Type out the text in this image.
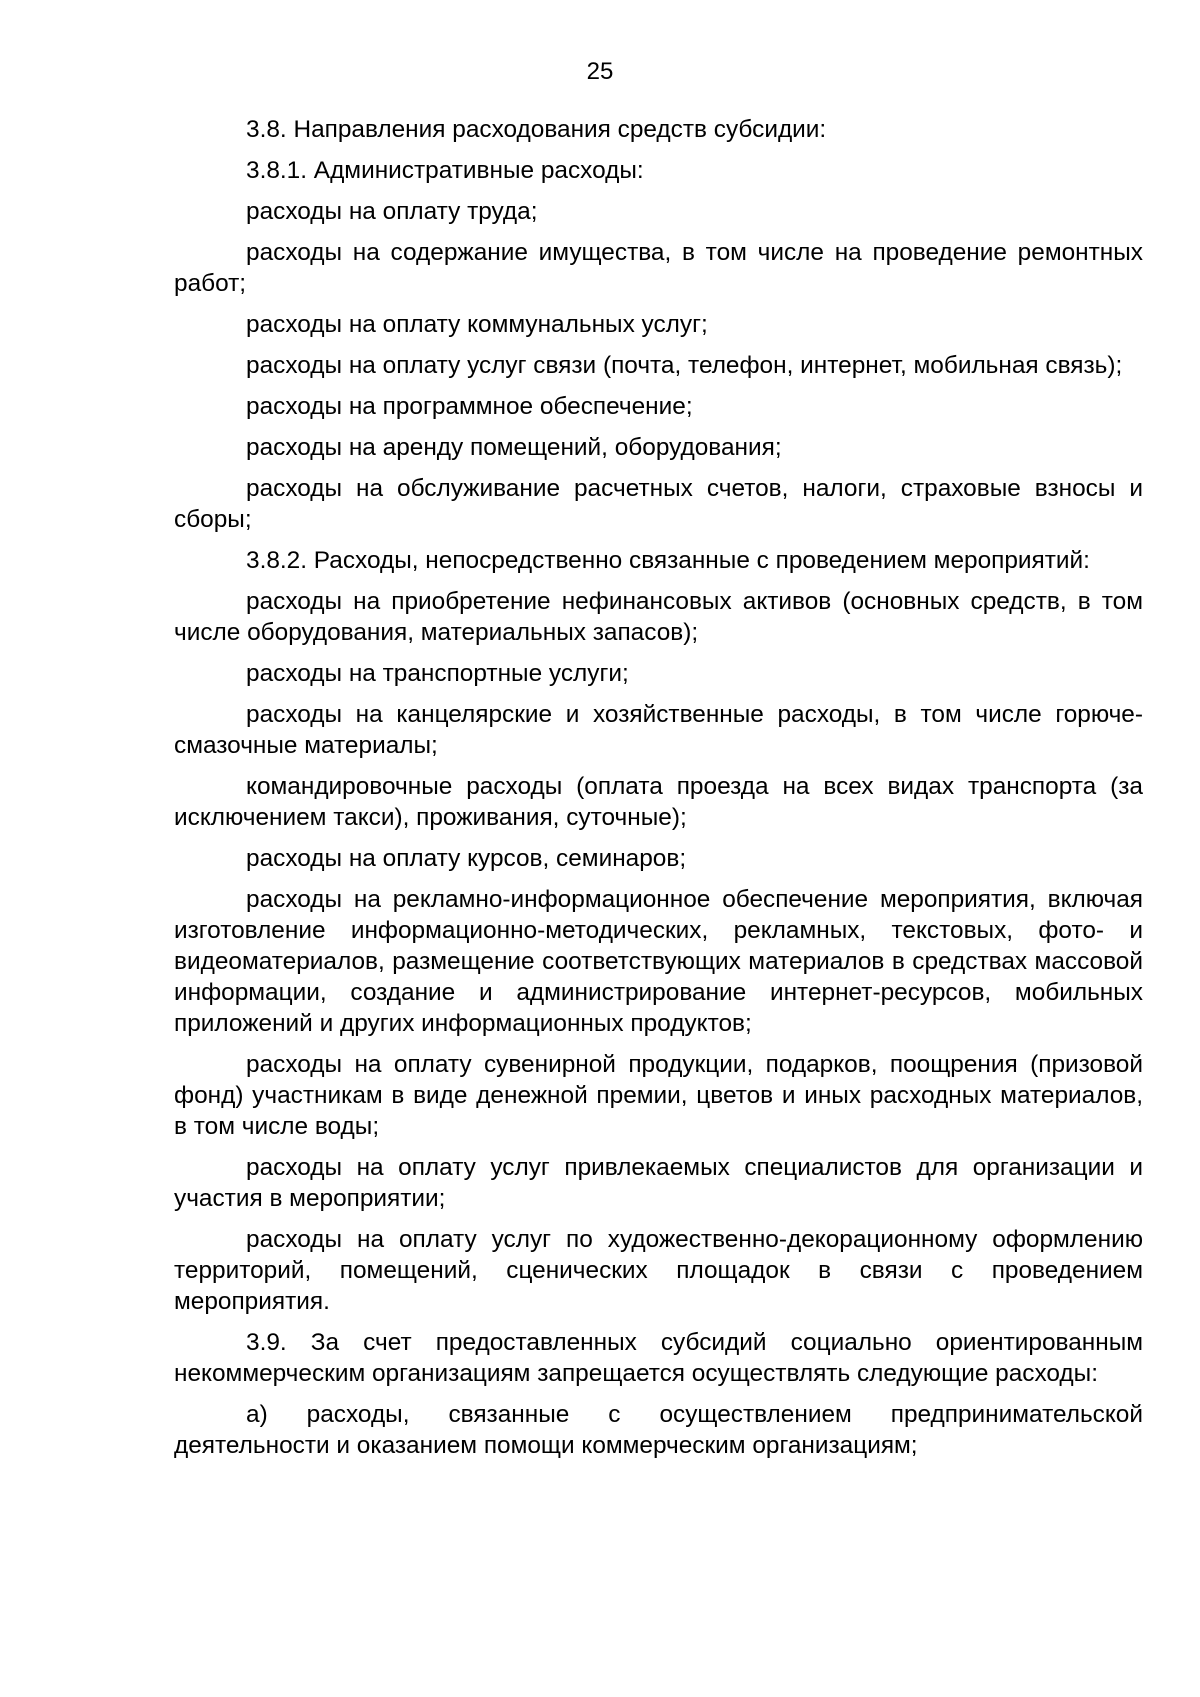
25

3.8. Направления расходования средств субсидии:

3.8.1. Административные расходы:

расходы на оплату труда;

расходы на содержание имущества, в том числе на проведение ремонтных работ;

расходы на оплату коммунальных услуг;

расходы на оплату услуг связи (почта, телефон, интернет, мобильная связь);

расходы на программное обеспечение;

расходы на аренду помещений, оборудования;

расходы на обслуживание расчетных счетов, налоги, страховые взносы и сборы;

3.8.2. Расходы, непосредственно связанные с проведением мероприятий:

расходы на приобретение нефинансовых активов (основных средств, в том числе оборудования, материальных запасов);

расходы на транспортные услуги;

расходы на канцелярские и хозяйственные расходы, в том числе горюче-смазочные материалы;

командировочные расходы (оплата проезда на всех видах транспорта (за исключением такси), проживания, суточные);

расходы на оплату курсов, семинаров;

расходы на рекламно-информационное обеспечение мероприятия, включая изготовление информационно-методических, рекламных, текстовых, фото- и видеоматериалов, размещение соответствующих материалов в средствах массовой информации, создание и администрирование интернет-ресурсов, мобильных приложений и других информационных продуктов;

расходы на оплату сувенирной продукции, подарков, поощрения (призовой фонд) участникам в виде денежной премии, цветов и иных расходных материалов, в том числе воды;

расходы на оплату услуг привлекаемых специалистов для организации и участия в мероприятии;

расходы на оплату услуг по художественно-декорационному оформлению территорий, помещений, сценических площадок в связи с проведением мероприятия.

3.9. За счет предоставленных субсидий социально ориентированным некоммерческим организациям запрещается осуществлять следующие расходы:

а) расходы, связанные с осуществлением предпринимательской деятельности и оказанием помощи коммерческим организациям;
